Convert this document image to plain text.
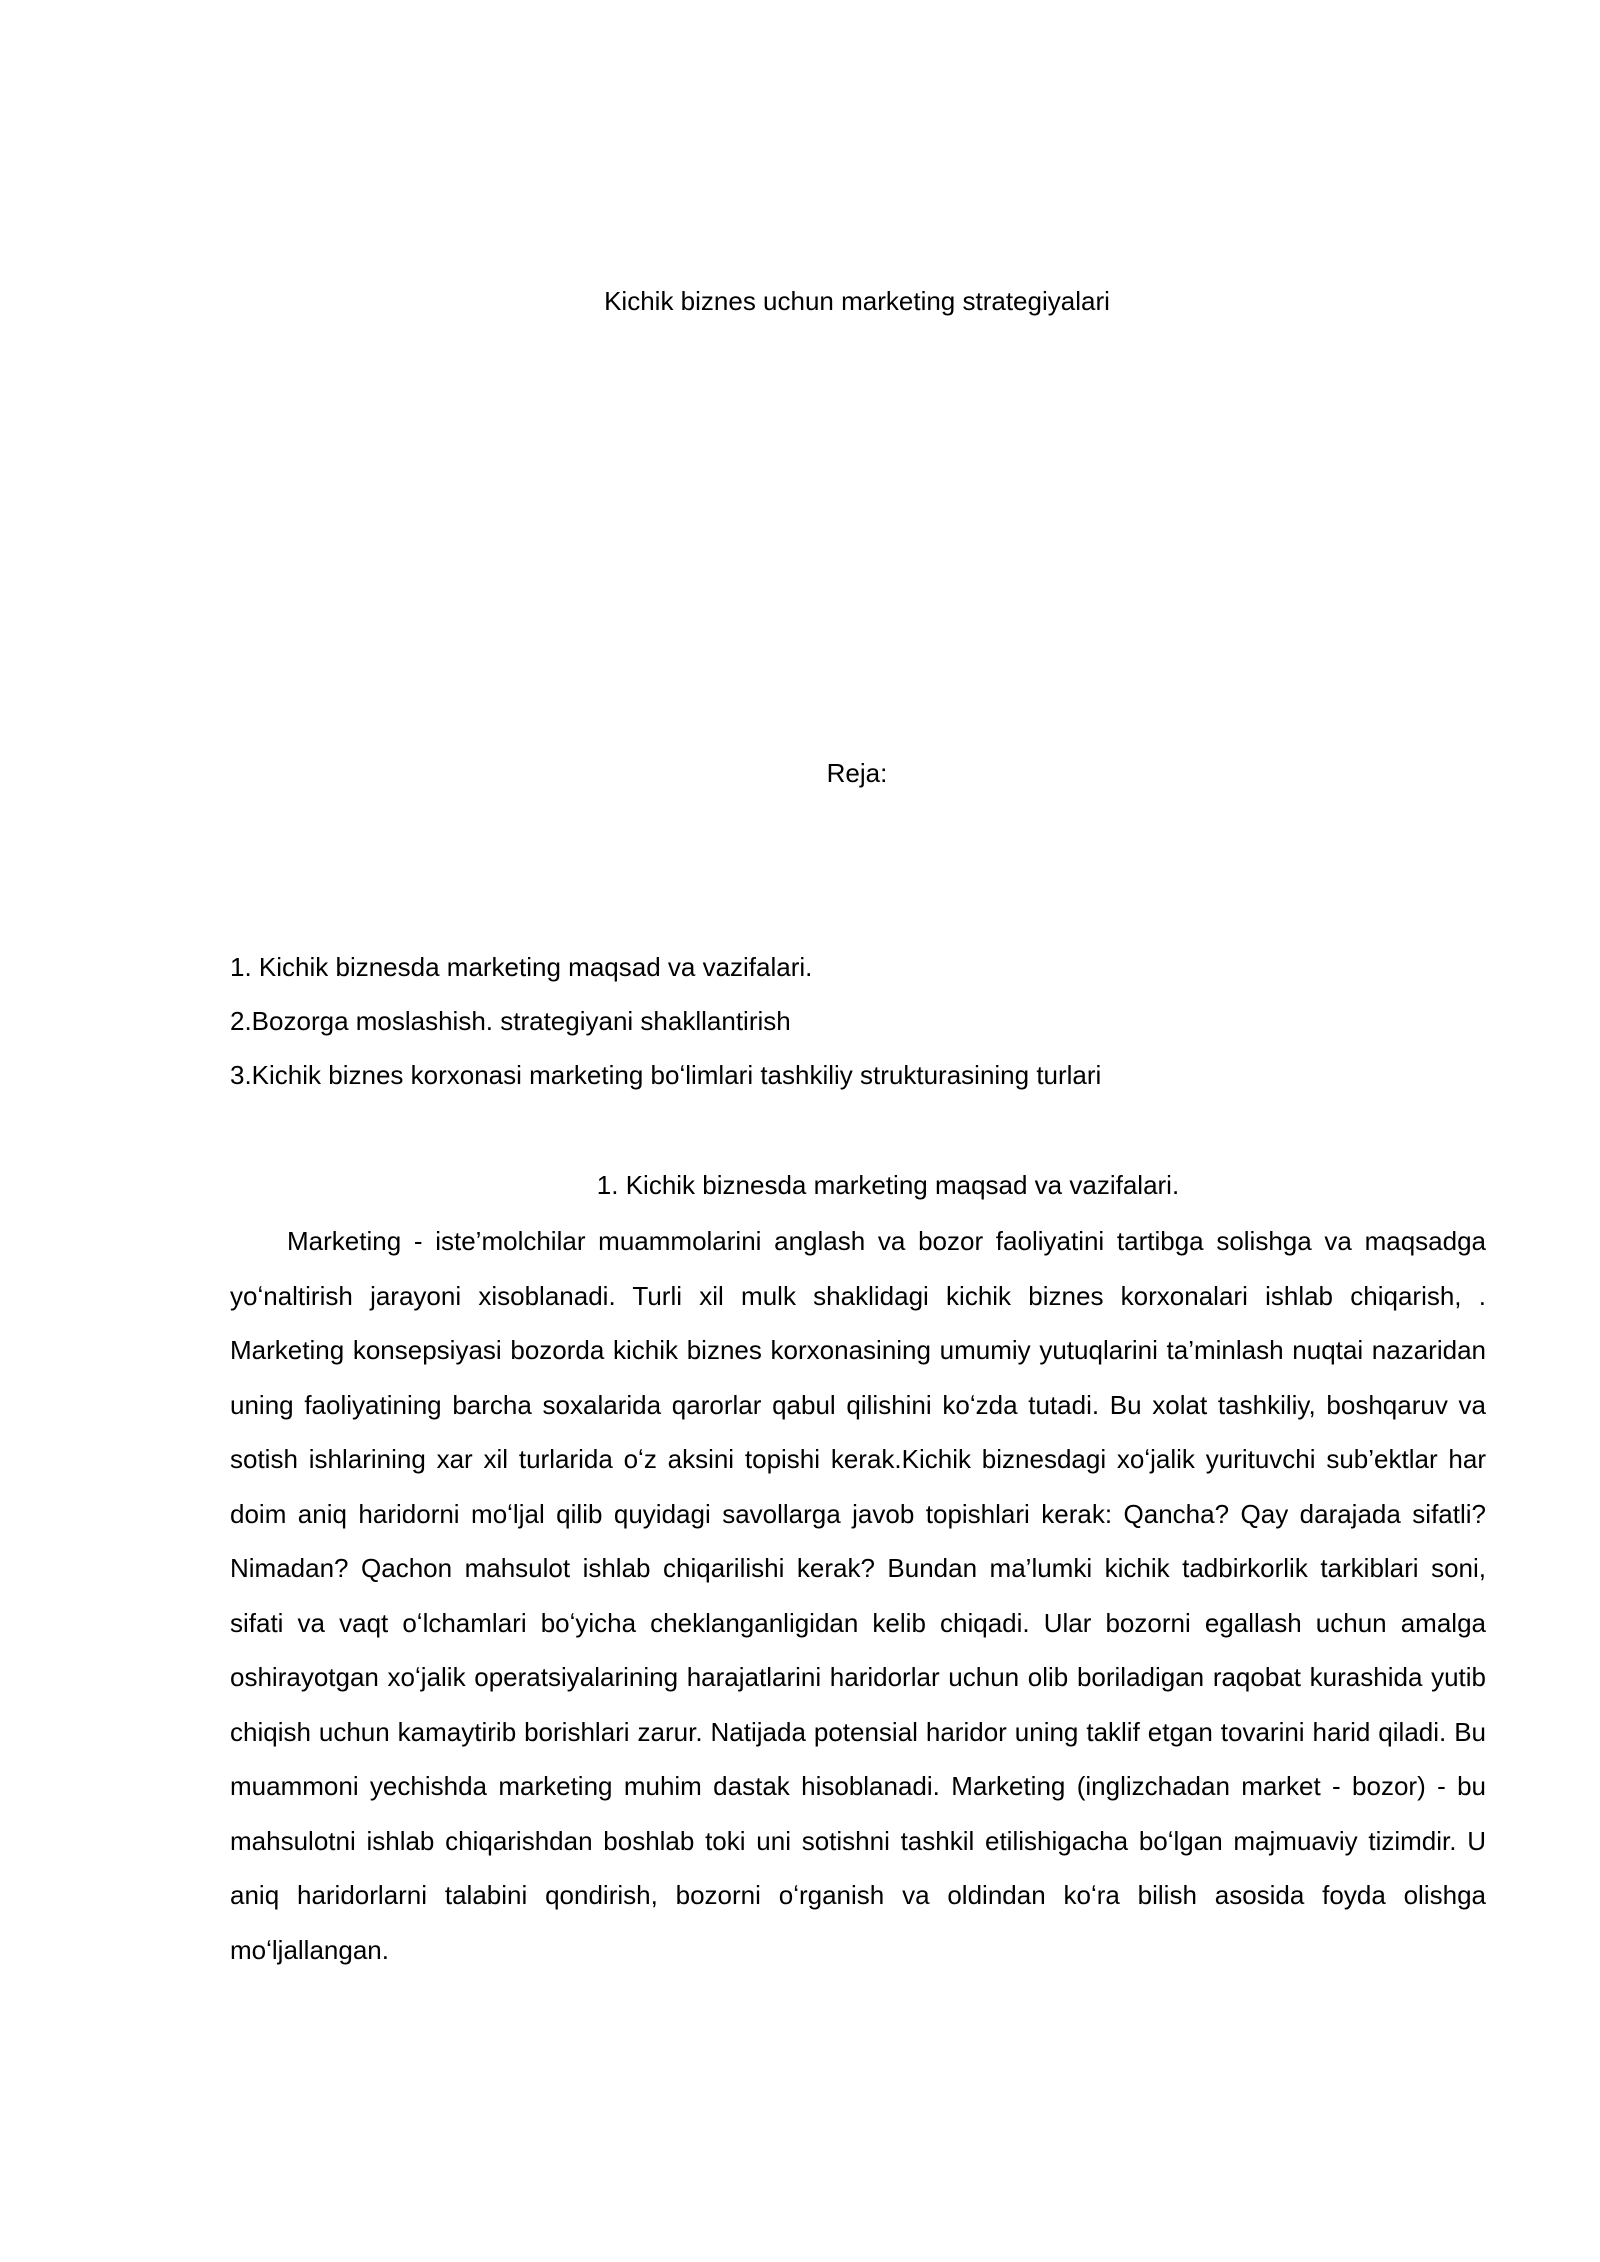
Kichik biznes uchun marketing strategiyalari

Reja:

1. Kichik biznesda marketing maqsad va vazifalari.
2.Bozorga moslashish. strategiyani shakllantirish
3.Kichik biznes korxonasi marketing boʻlimlari tashkiliy strukturasining turlari

1. Kichik biznesda marketing maqsad va vazifalari.

Marketing - iste’molchilar muammolarini anglash va bozor faoliyatini tartibga solishga va maqsadga yoʻnaltirish jarayoni xisoblanadi. Turli xil mulk shaklidagi kichik biznes korxonalari ishlab chiqarish, . Marketing konsepsiyasi bozorda kichik biznes korxonasining umumiy yutuqlarini ta’minlash nuqtai nazaridan uning faoliyatining barcha soxalarida qarorlar qabul qilishini koʻzda tutadi. Bu xolat tashkiliy, boshqaruv va sotish ishlarining xar xil turlarida oʻz aksini topishi kerak.Kichik biznesdagi xoʻjalik yurituvchi sub’ektlar har doim aniq haridorni moʻljal qilib quyidagi savollarga javob topishlari kerak: Qancha? Qay darajada sifatli? Nimadan? Qachon mahsulot ishlab chiqarilishi kerak? Bundan ma’lumki kichik tadbirkorlik tarkiblari soni, sifati va vaqt oʻlchamlari boʻyicha cheklanganligidan kelib chiqadi. Ular bozorni egallash uchun amalga oshirayotgan xoʻjalik operatsiyalarining harajatlarini haridorlar uchun olib boriladigan raqobat kurashida yutib chiqish uchun kamaytirib borishlari zarur. Natijada potensial haridor uning taklif etgan tovarini harid qiladi. Bu muammoni yechishda marketing muhim dastak hisoblanadi. Marketing (inglizchadan market - bozor) - bu mahsulotni ishlab chiqarishdan boshlab toki uni sotishni tashkil etilishigacha boʻlgan majmuaviy tizimdir. U aniq haridorlarni talabini qondirish, bozorni oʻrganish va oldindan koʻra bilish asosida foyda olishga moʻljallangan.
